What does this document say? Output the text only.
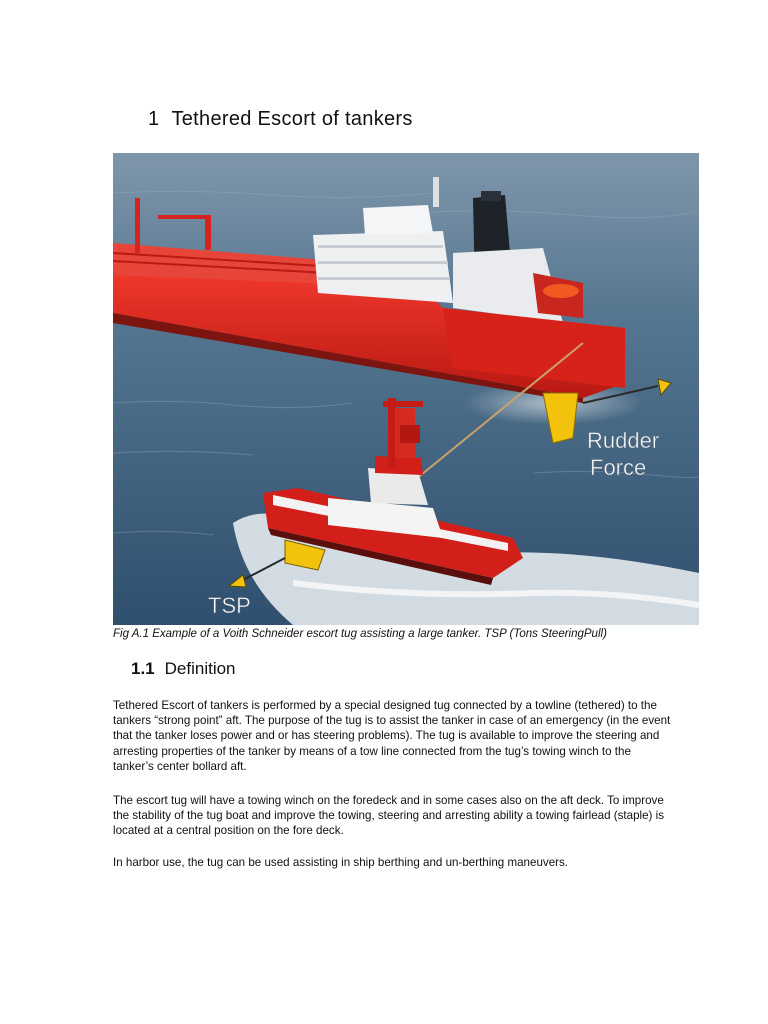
1 Tethered Escort of tankers
Rudder
Force
TSP
Fig A.1 Example of a Voith Schneider escort tug assisting a large tanker. TSP (Tons SteeringPull)
1.1 Definition

Tethered Escort of tankers is performed by a special designed tug connected by a towline (tethered) to the tankers “strong point” aft. The purpose of the tug is to assist the tanker in case of an emergency (in the event that the tanker loses power and or has steering problems). The tug is available to improve the steering and arresting properties of the tanker by means of a tow line connected from the tug’s towing winch to the tanker’s center bollard aft.

The escort tug will have a towing winch on the foredeck and in some cases also on the aft deck. To improve the stability of the tug boat and improve the towing, steering and arresting ability a towing fairlead (staple) is located at a central position on the fore deck.

In harbor use, the tug can be used assisting in ship berthing and un-berthing maneuvers.
